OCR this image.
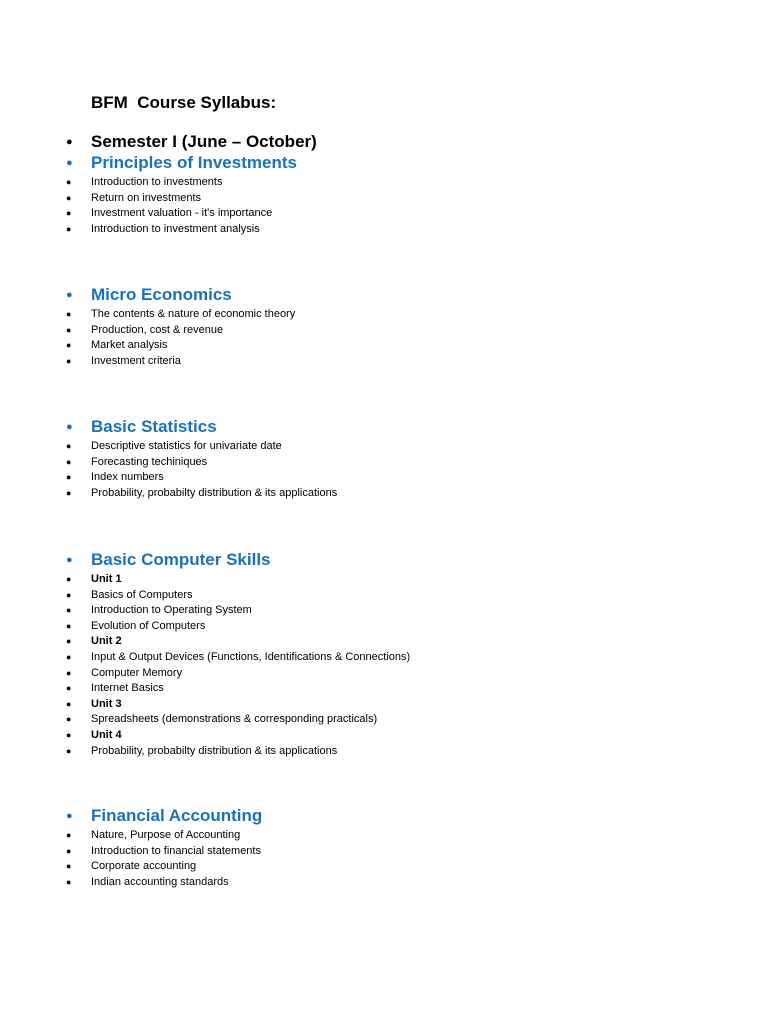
BFM  Course Syllabus:
● Semester I (June – October)
● Principles of Investments
● Introduction to investments
● Return on investments
● Investment valuation - it's importance
● Introduction to investment analysis
● Micro Economics
● The contents & nature of economic theory
● Production, cost & revenue
● Market analysis
● Investment criteria
● Basic Statistics
● Descriptive statistics for univariate date
● Forecasting techiniques
● Index numbers
● Probability, probabilty distribution & its applications
● Basic Computer Skills
● Unit 1
● Basics of Computers
● Introduction to Operating System
● Evolution of Computers
● Unit 2
● Input & Output Devices (Functions, Identifications & Connections)
● Computer Memory
● Internet Basics
● Unit 3
● Spreadsheets (demonstrations & corresponding practicals)
● Unit 4
● Probability, probabilty distribution & its applications
● Financial Accounting
● Nature, Purpose of Accounting
● Introduction to financial statements
● Corporate accounting
● Indian accounting standards
